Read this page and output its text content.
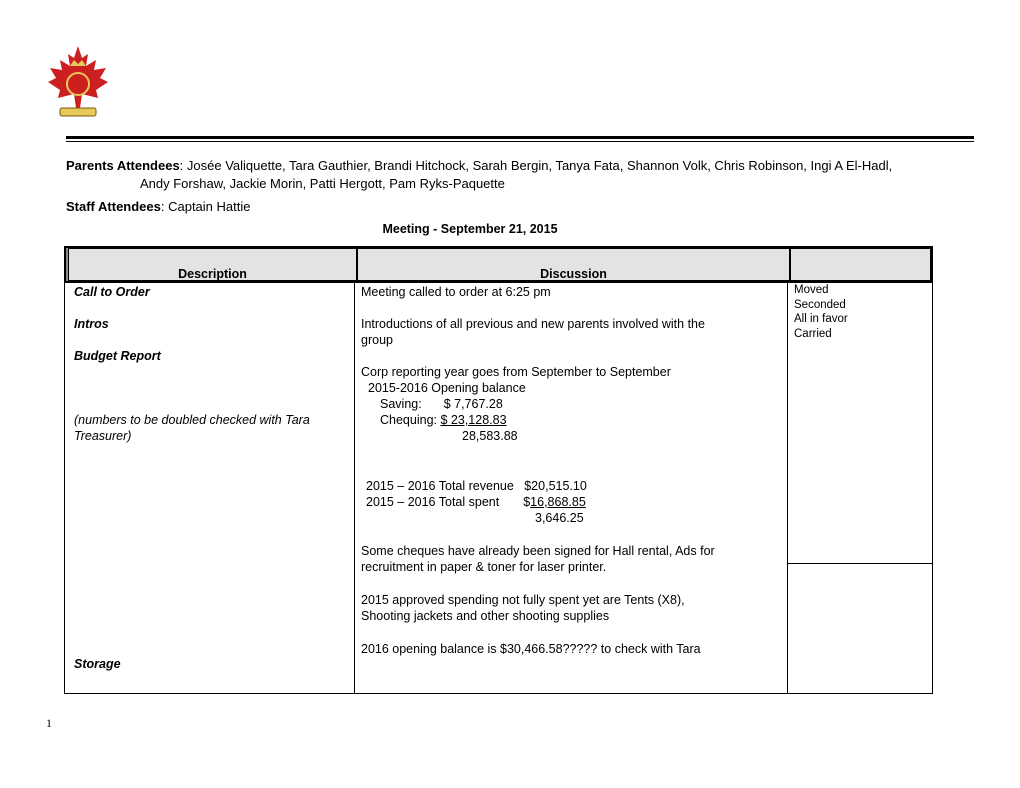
Parents Attendees: Josée Valiquette, Tara Gauthier, Brandi Hitchock, Sarah Bergin, Tanya Fata, Shannon Volk, Chris Robinson, Ingi A El-Hadl,
Andy Forshaw, Jackie Morin, Patti Hergott, Pam Ryks-Paquette
Staff Attendees: Captain Hattie
Meeting - September 21, 2015
Description	Discussion
Call to Order
Intros
Budget Report
(numbers to be doubled checked with Tara
Treasurer)
Storage
Meeting called to order at 6:25 pm
Introductions of all previous and new parents involved with the
group
Corp reporting year goes from September to September
2015-2016 Opening balance
Saving: $ 7,767.28
Chequing: $ 23,128.83
28,583.88
2015 – 2016 Total revenue $20,515.10
2015 – 2016 Total spent $16,868.85
3,646.25
Some cheques have already been signed for Hall rental, Ads for
recruitment in paper & toner for laser printer.
2015 approved spending not fully spent yet are Tents (X8),
Shooting jackets and other shooting supplies
2016 opening balance is $30,466.58????? to check with Tara
Moved
Seconded
All in favor
Carried
1
